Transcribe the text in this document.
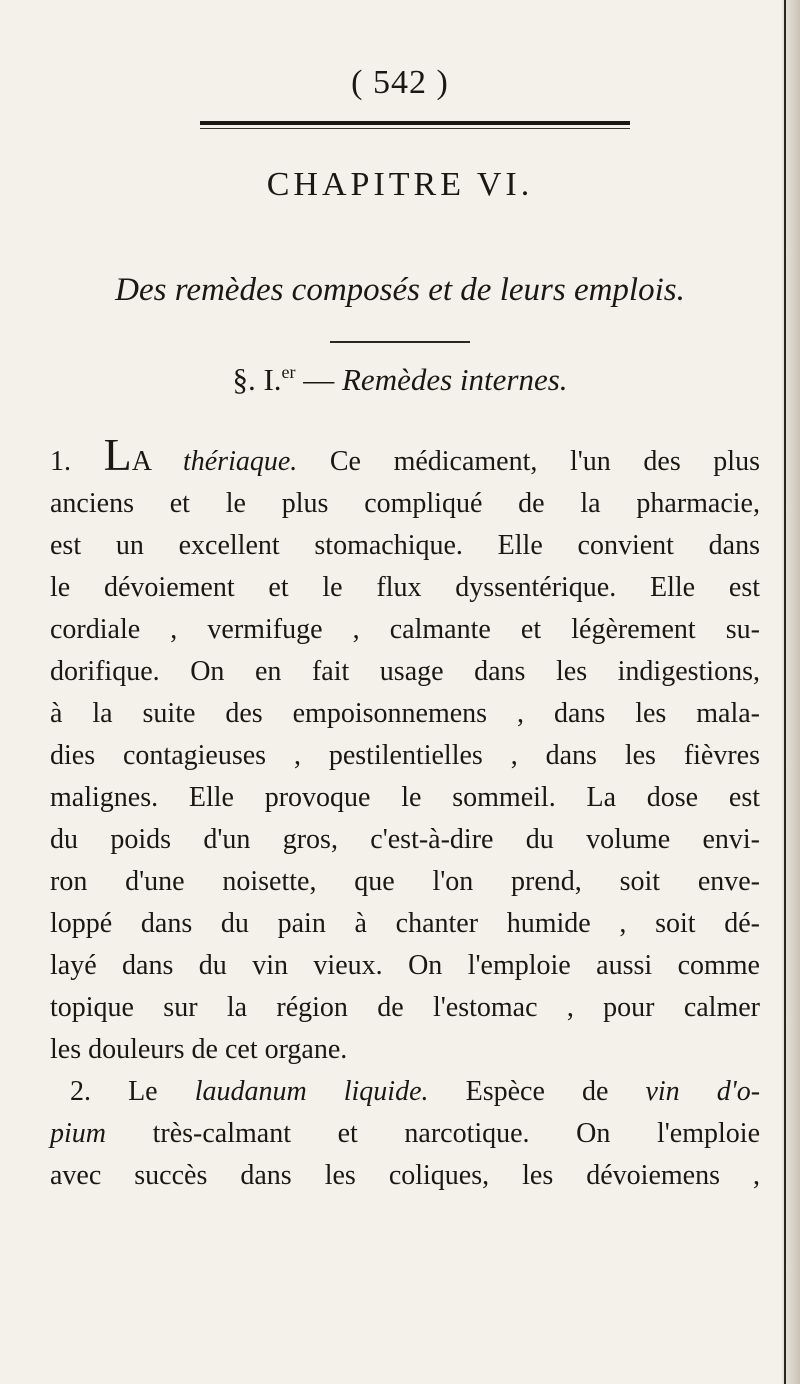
( 542 )
CHAPITRE VI.
Des remèdes composés et de leurs emplois.
§. I.$^{er}$ — Remèdes internes.
1. LA thériaque. Ce médicament, l'un des plus
anciens et le plus compliqué de la pharmacie,
est un excellent stomachique. Elle convient dans
le dévoiement et le flux dyssentérique. Elle est
cordiale , vermifuge , calmante et légèrement su-
dorifique. On en fait usage dans les indigestions,
à la suite des empoisonnemens , dans les mala-
dies contagieuses , pestilentielles , dans les fièvres
malignes. Elle provoque le sommeil. La dose est
du poids d'un gros, c'est-à-dire du volume envi-
ron d'une noisette, que l'on prend, soit enve-
loppé dans du pain à chanter humide , soit dé-
layé dans du vin vieux. On l'emploie aussi comme
topique sur la région de l'estomac , pour calmer
les douleurs de cet organe.
2. Le laudanum liquide. Espèce de vin d'o-
pium très-calmant et narcotique. On l'emploie
avec succès dans les coliques, les dévoiemens ,
